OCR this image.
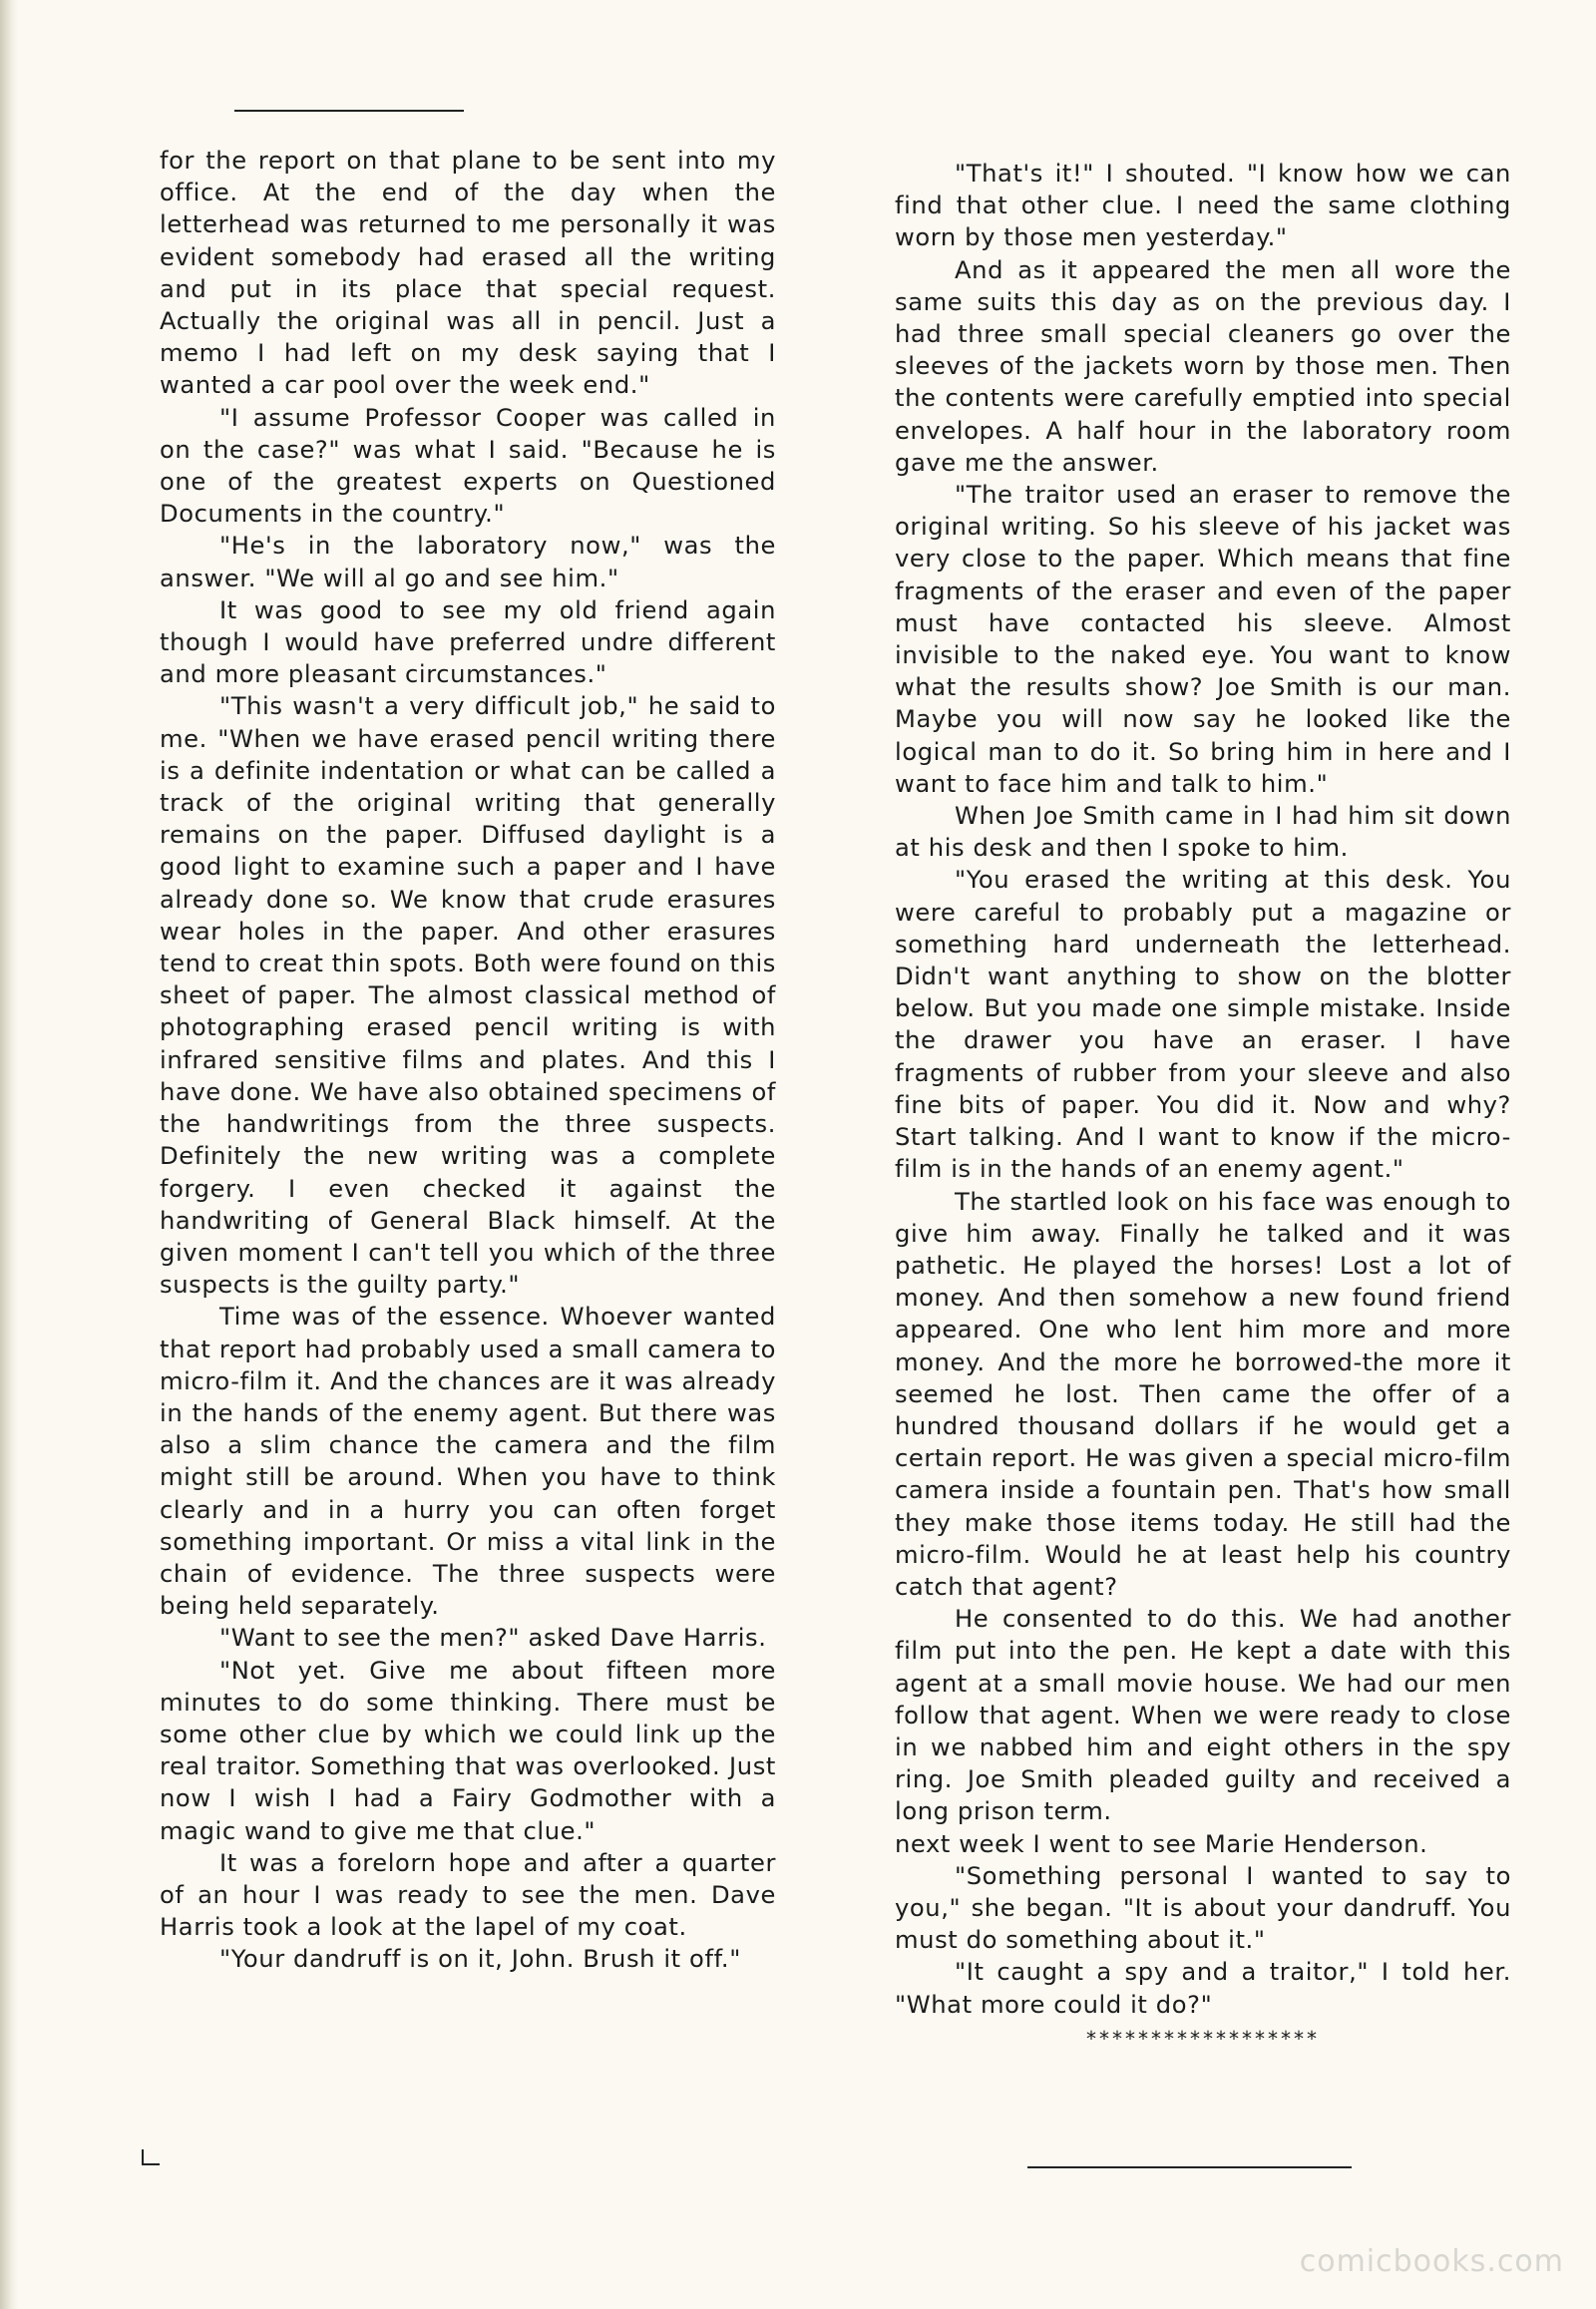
for the report on that plane to be sent into my office. At the end of the day when the letterhead was returned to me personally it was evident somebody had erased all the writing and put in its place that special request. Actually the original was all in pencil. Just a memo I had left on my desk saying that I wanted a car pool over the week end."

"I assume Professor Cooper was called in on the case?" was what I said. "Because he is one of the greatest experts on Questioned Documents in the country."

"He's in the laboratory now," was the answer. "We will al go and see him."

It was good to see my old friend again though I would have preferred undre different and more pleasant circumstances."

"This wasn't a very difficult job," he said to me. "When we have erased pencil writing there is a definite indentation or what can be called a track of the original writing that generally remains on the paper. Diffused daylight is a good light to examine such a paper and I have already done so. We know that crude erasures wear holes in the paper. And other erasures tend to creat thin spots. Both were found on this sheet of paper. The almost classical method of photographing erased pencil writing is with infrared sensitive films and plates. And this I have done. We have also obtained specimens of the handwritings from the three suspects. Definitely the new writing was a complete forgery. I even checked it against the handwriting of General Black himself. At the given moment I can't tell you which of the three suspects is the guilty party."

Time was of the essence. Whoever wanted that report had probably used a small camera to micro-film it. And the chances are it was already in the hands of the enemy agent. But there was also a slim chance the camera and the film might still be around. When you have to think clearly and in a hurry you can often forget something important. Or miss a vital link in the chain of evidence. The three suspects were being held separately.

"Want to see the men?" asked Dave Harris.

"Not yet. Give me about fifteen more minutes to do some thinking. There must be some other clue by which we could link up the real traitor. Something that was overlooked. Just now I wish I had a Fairy Godmother with a magic wand to give me that clue."

It was a forelorn hope and after a quarter of an hour I was ready to see the men. Dave Harris took a look at the lapel of my coat.

"Your dandruff is on it, John. Brush it off."

"That's it!" I shouted. "I know how we can find that other clue. I need the same clothing worn by those men yesterday."

And as it appeared the men all wore the same suits this day as on the previous day. I had three small special cleaners go over the sleeves of the jackets worn by those men. Then the contents were carefully emptied into special envelopes. A half hour in the laboratory room gave me the answer.

"The traitor used an eraser to remove the original writing. So his sleeve of his jacket was very close to the paper. Which means that fine fragments of the eraser and even of the paper must have contacted his sleeve. Almost invisible to the naked eye. You want to know what the results show? Joe Smith is our man. Maybe you will now say he looked like the logical man to do it. So bring him in here and I want to face him and talk to him."

When Joe Smith came in I had him sit down at his desk and then I spoke to him.

"You erased the writing at this desk. You were careful to probably put a magazine or something hard underneath the letterhead. Didn't want anything to show on the blotter below. But you made one simple mistake. Inside the drawer you have an eraser. I have fragments of rubber from your sleeve and also fine bits of paper. You did it. Now and why? Start talking. And I want to know if the micro-film is in the hands of an enemy agent."

The startled look on his face was enough to give him away. Finally he talked and it was pathetic. He played the horses! Lost a lot of money. And then somehow a new found friend appeared. One who lent him more and more money. And the more he borrowed-the more it seemed he lost. Then came the offer of a hundred thousand dollars if he would get a certain report. He was given a special micro-film camera inside a fountain pen. That's how small they make those items today. He still had the micro-film. Would he at least help his country catch that agent?

He consented to do this. We had another film put into the pen. He kept a date with this agent at a small movie house. We had our men follow that agent. When we were ready to close in we nabbed him and eight others in the spy ring. Joe Smith pleaded guilty and received a long prison term.

next week I went to see Marie Henderson.

"Something personal I wanted to say to you," she began. "It is about your dandruff. You must do something about it."

"It caught a spy and a traitor," I told her. "What more could it do?"

******************
comicbooks.com
